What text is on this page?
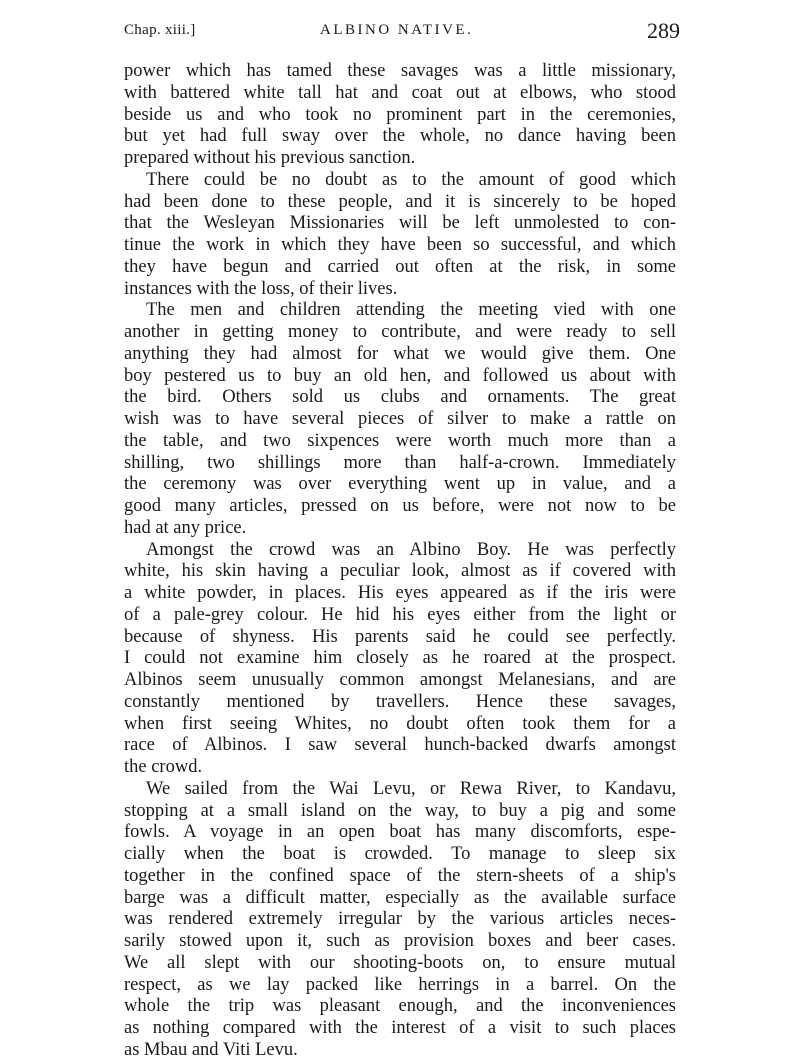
Chap. xiii.]	ALBINO NATIVE.	289
power which has tamed these savages was a little missionary,
with battered white tall hat and coat out at elbows, who stood
beside us and who took no prominent part in the ceremonies,
but yet had full sway over the whole, no dance having been
prepared without his previous sanction.
There could be no doubt as to the amount of good which
had been done to these people, and it is sincerely to be hoped
that the Wesleyan Missionaries will be left unmolested to con-
tinue the work in which they have been so successful, and which
they have begun and carried out often at the risk, in some
instances with the loss, of their lives.
The men and children attending the meeting vied with one
another in getting money to contribute, and were ready to sell
anything they had almost for what we would give them. One
boy pestered us to buy an old hen, and followed us about with
the bird. Others sold us clubs and ornaments. The great
wish was to have several pieces of silver to make a rattle on
the table, and two sixpences were worth much more than a
shilling, two shillings more than half-a-crown. Immediately
the ceremony was over everything went up in value, and a
good many articles, pressed on us before, were not now to be
had at any price.
Amongst the crowd was an Albino Boy. He was perfectly
white, his skin having a peculiar look, almost as if covered with
a white powder, in places. His eyes appeared as if the iris were
of a pale-grey colour. He hid his eyes either from the light or
because of shyness. His parents said he could see perfectly.
I could not examine him closely as he roared at the prospect.
Albinos seem unusually common amongst Melanesians, and are
constantly mentioned by travellers. Hence these savages,
when first seeing Whites, no doubt often took them for a
race of Albinos. I saw several hunch-backed dwarfs amongst
the crowd.
We sailed from the Wai Levu, or Rewa River, to Kandavu,
stopping at a small island on the way, to buy a pig and some
fowls. A voyage in an open boat has many discomforts, espe-
cially when the boat is crowded. To manage to sleep six
together in the confined space of the stern-sheets of a ship's
barge was a difficult matter, especially as the available surface
was rendered extremely irregular by the various articles neces-
sarily stowed upon it, such as provision boxes and beer cases.
We all slept with our shooting-boots on, to ensure mutual
respect, as we lay packed like herrings in a barrel. On the
whole the trip was pleasant enough, and the inconveniences
as nothing compared with the interest of a visit to such places
as Mbau and Viti Levu.
